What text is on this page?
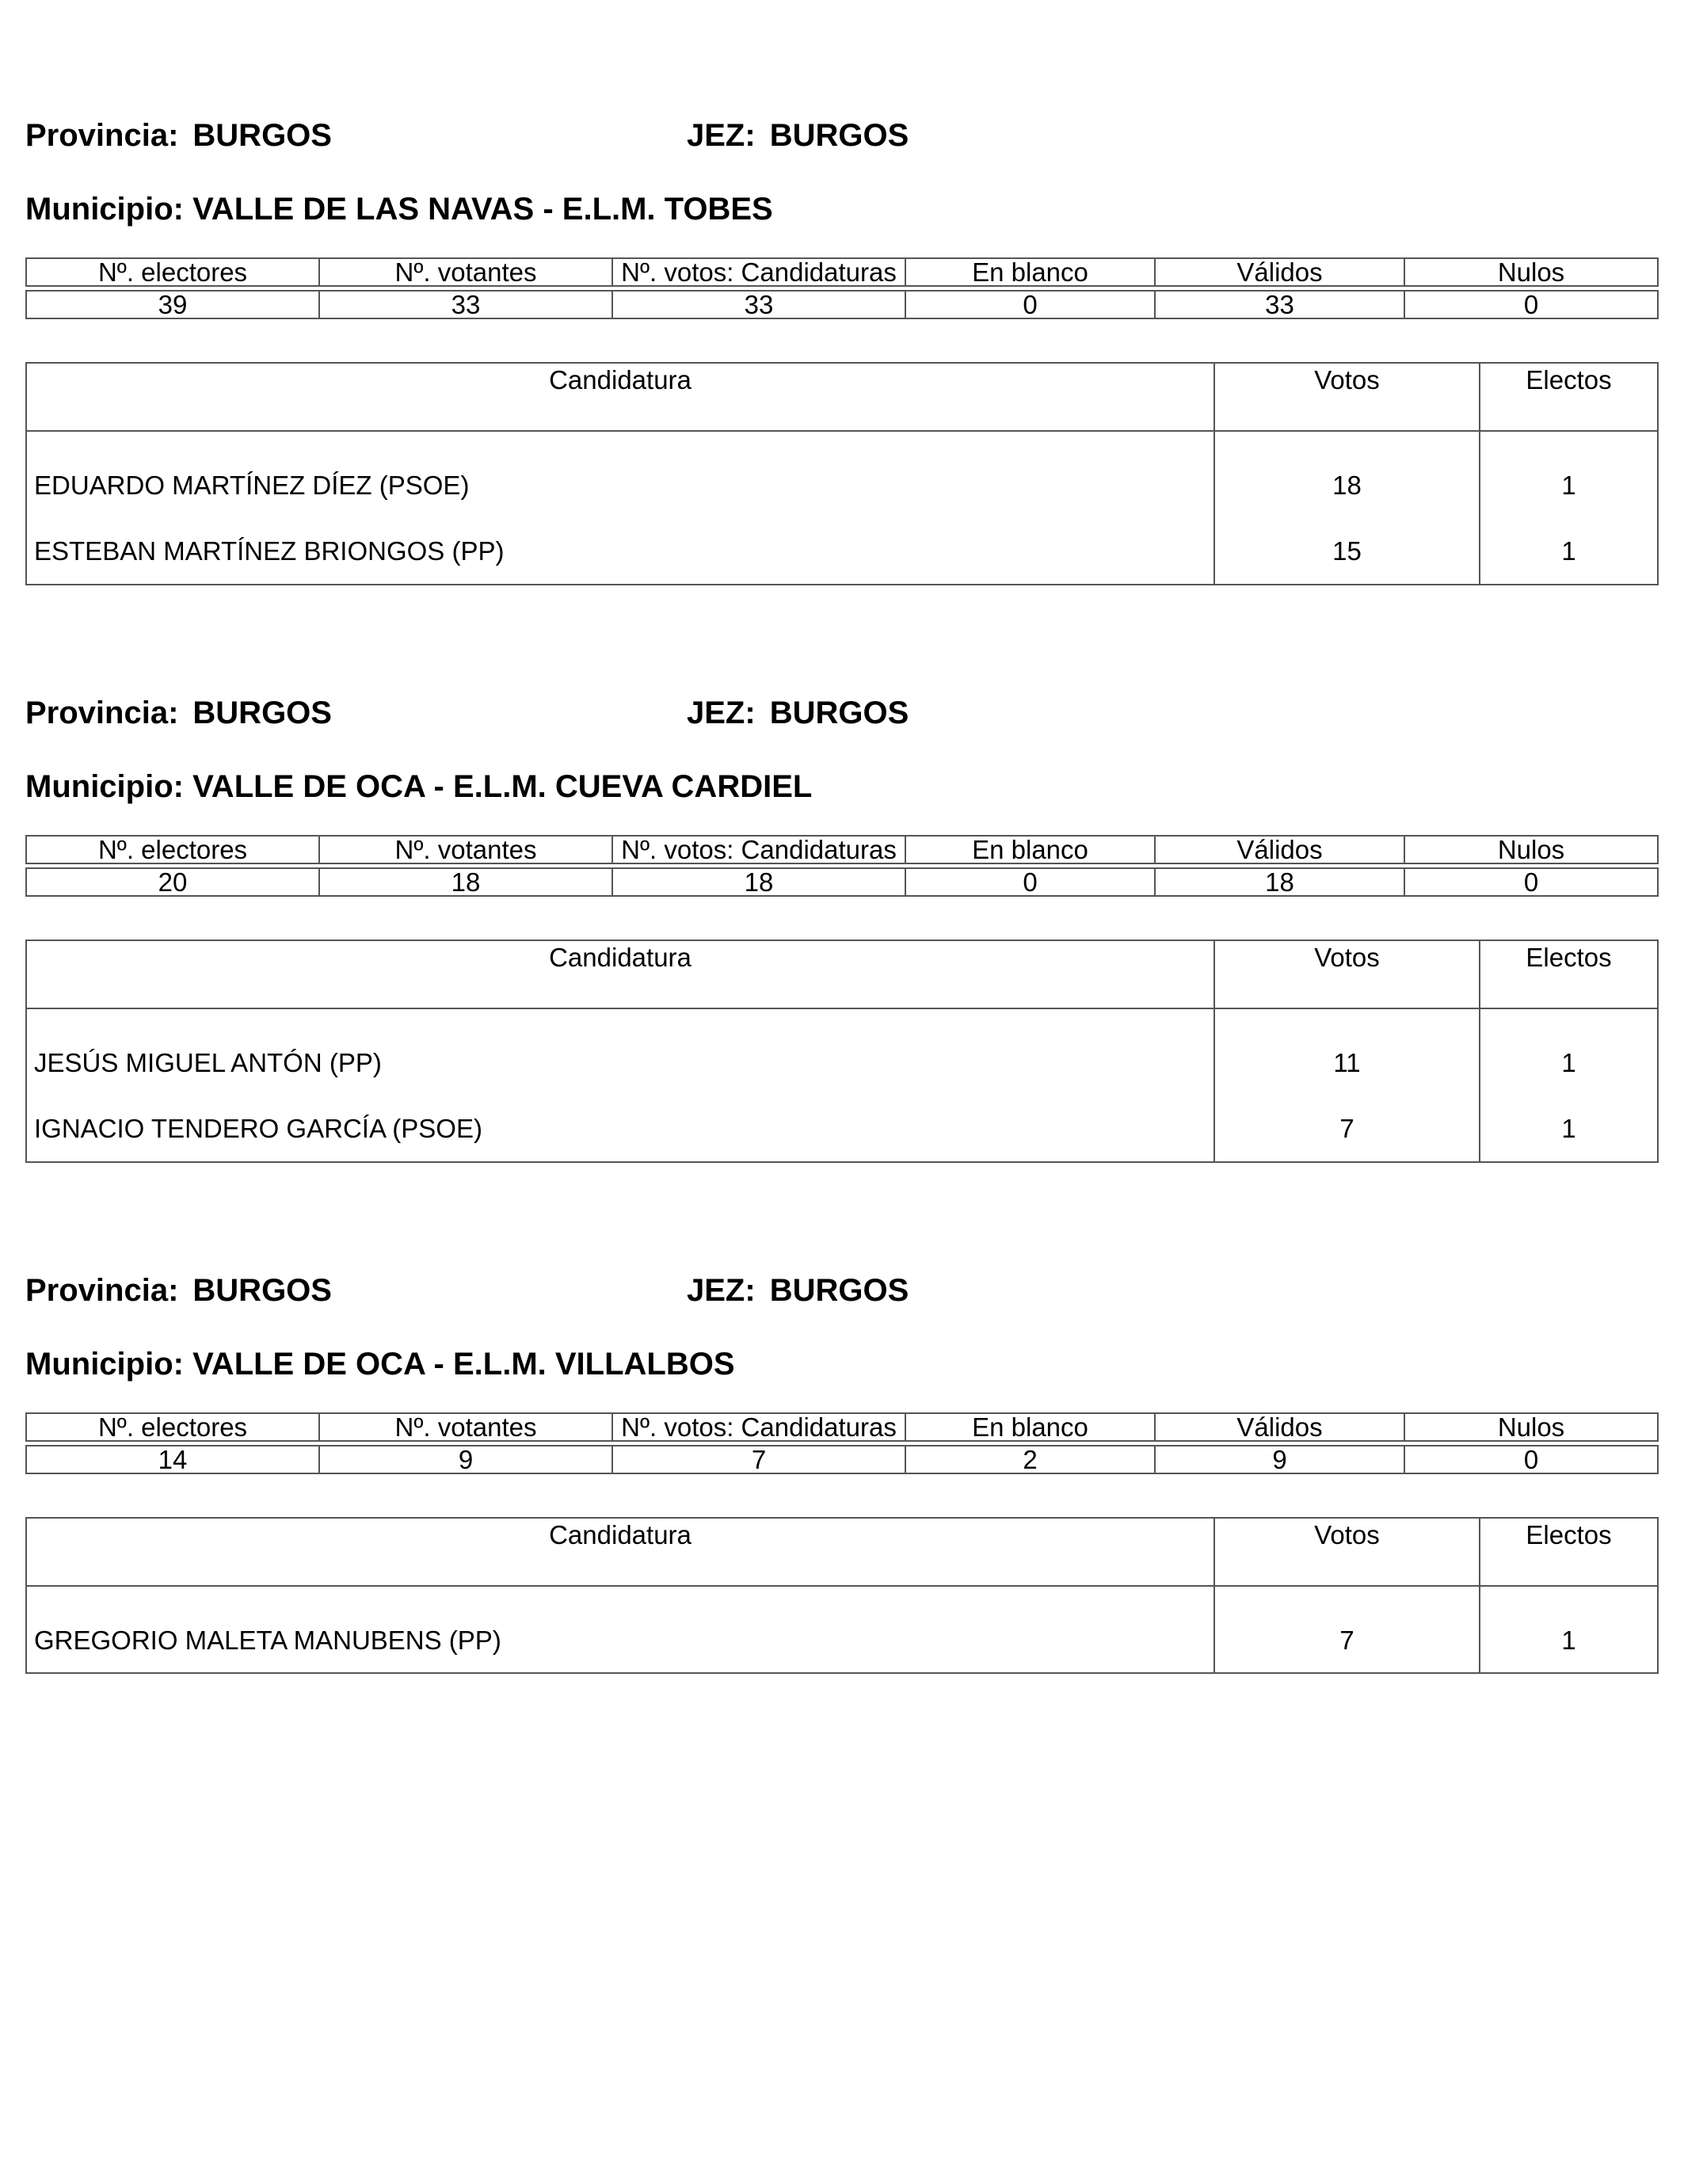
Provincia: BURGOS	JEZ: BURGOS
Municipio: VALLE DE LAS NAVAS - E.L.M. TOBES
Nº. electores	Nº. votantes	Nº. votos: Candidaturas	En blanco	Válidos	Nulos

39	33	33	0	33	0
Candidatura	Votos	Electos
EDUARDO MARTÍNEZ DÍEZ (PSOE)	18	1
ESTEBAN MARTÍNEZ BRIONGOS (PP)	15	1
Provincia: BURGOS	JEZ: BURGOS
Municipio: VALLE DE OCA - E.L.M. CUEVA CARDIEL
Nº. electores	Nº. votantes	Nº. votos: Candidaturas	En blanco	Válidos	Nulos

20	18	18	0	18	0
Candidatura	Votos	Electos
JESÚS MIGUEL ANTÓN (PP)	11	1
IGNACIO TENDERO GARCÍA (PSOE)	7	1
Provincia: BURGOS	JEZ: BURGOS
Municipio: VALLE DE OCA - E.L.M. VILLALBOS
Nº. electores	Nº. votantes	Nº. votos: Candidaturas	En blanco	Válidos	Nulos

14	9	7	2	9	0
Candidatura	Votos	Electos
GREGORIO MALETA MANUBENS (PP)	7	1
